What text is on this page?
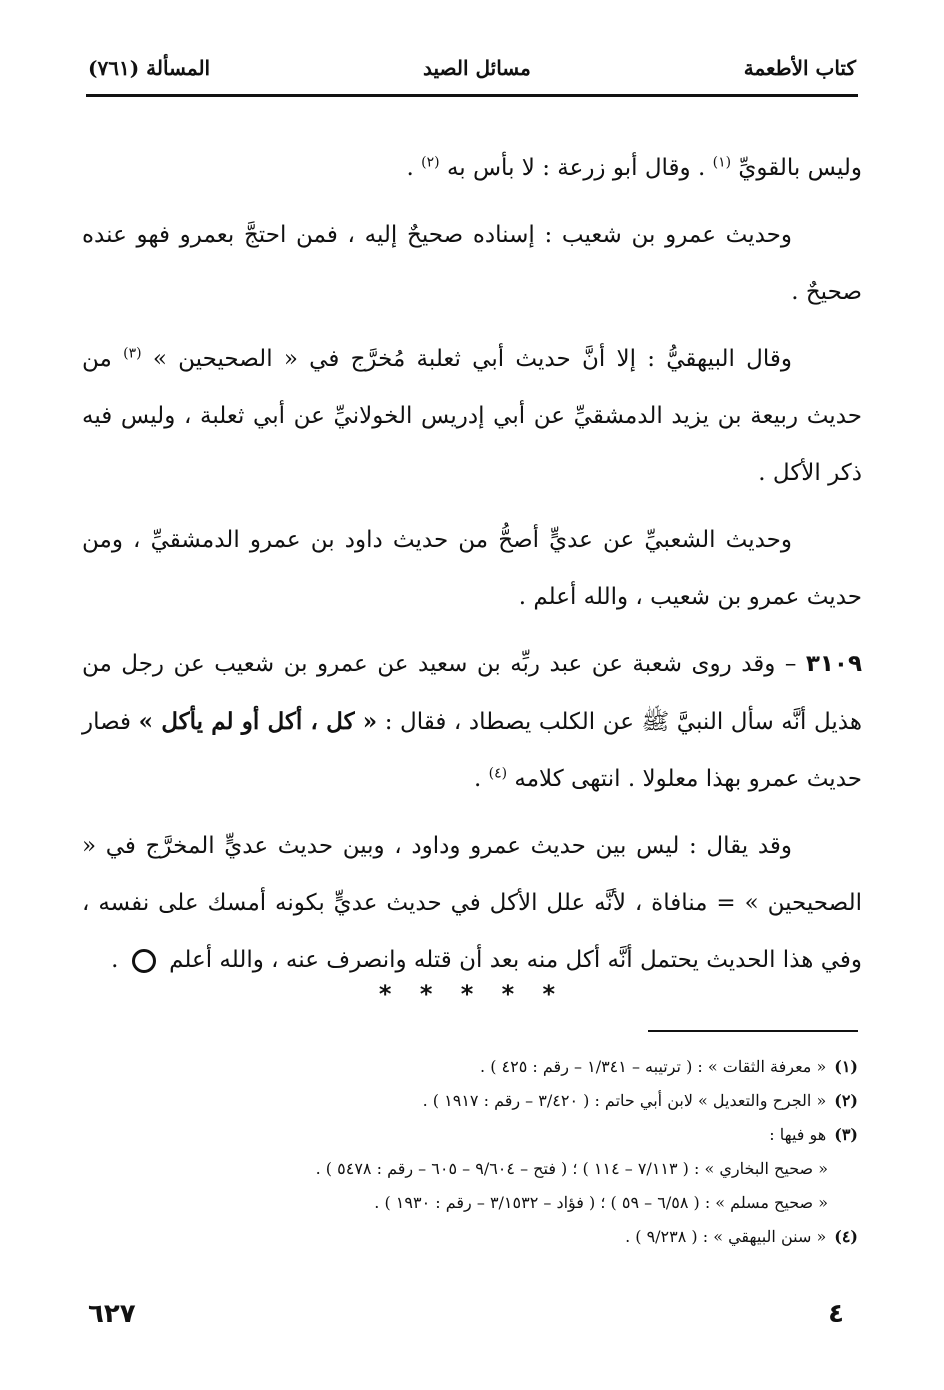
كتاب الأطعمة
مسائل الصيد
المسألة (٧٦١)

وليس بالقويِّ $^{(١)}$ . وقال أبو زرعة : لا بأس به $^{(٢)}$ .

وحديث عمرو بن شعيب : إسناده صحيحٌ إليه ، فمن احتجَّ بعمرو فهو عنده صحيحٌ .

وقال البيهقيُّ : إلا أنَّ حديث أبي ثعلبة مُخرَّج في « الصحيحين » $^{(٣)}$ من حديث ربيعة بن يزيد الدمشقيِّ عن أبي إدريس الخولانيِّ عن أبي ثعلبة ، وليس فيه ذكر الأكل .

وحديث الشعبيِّ عن عديٍّ أصحُّ من حديث داود بن عمرو الدمشقيِّ ، ومن حديث عمرو بن شعيب ، والله أعلم .

٣١٠٩ – وقد روى شعبة عن عبد ربِّه بن سعيد عن عمرو بن شعيب عن رجل من هذيل أنَّه سأل النبيَّ ﷺ عن الكلب يصطاد ، فقال : « كل ، أكل أو لم يأكل » فصار حديث عمرو بهذا معلولا . انتهى كلامه $^{(٤)}$ .

وقد يقال : ليس بين حديث عمرو وداود ، وبين حديث عديٍّ المخرَّج في « الصحيحين » = منافاة ، لأنَّه علل الأكل في حديث عديٍّ بكونه أمسك على نفسه ، وفي هذا الحديث يحتمل أنَّه أكل منه بعد أن قتله وانصرف عنه ، والله أعلم  .

* * * * *

(١)« معرفة الثقات » : ( ترتيبه – ١/٣٤١ – رقم : ٤٢٥ ) .

(٢)« الجرح والتعديل » لابن أبي حاتم : ( ٣/٤٢٠ – رقم : ١٩١٧ ) .

(٣)هو فيها :

« صحيح البخاري » : ( ٧/١١٣ – ١١٤ ) ؛ ( فتح – ٩/٦٠٤ – ٦٠٥ – رقم : ٥٤٧٨ ) .

« صحيح مسلم » : ( ٦/٥٨ – ٥٩ ) ؛ ( فؤاد – ٣/١٥٣٢ – رقم : ١٩٣٠ ) .

(٤)« سنن البيهقي » : ( ٩/٢٣٨ ) .

٤
٦٢٧
